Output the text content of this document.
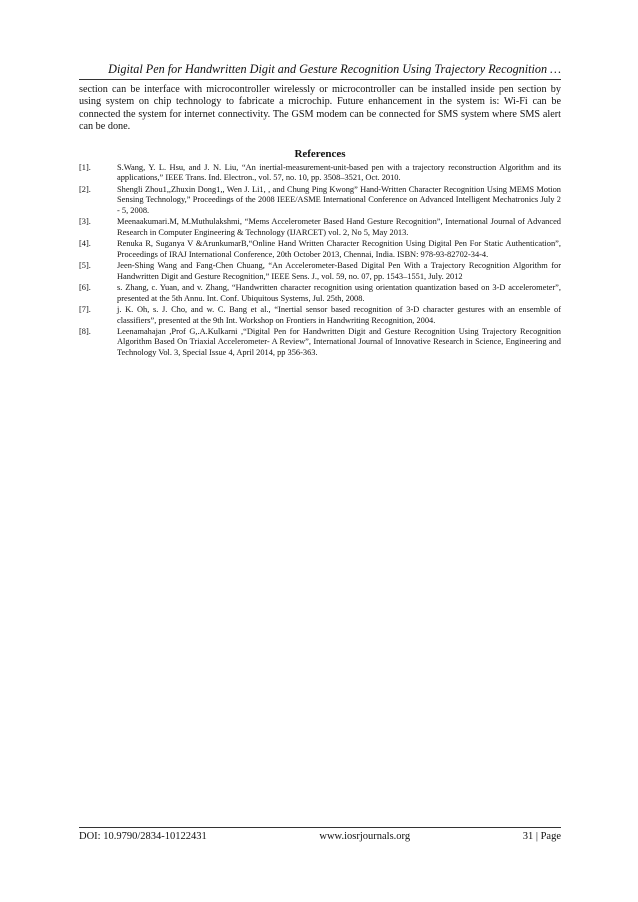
Digital Pen for Handwritten Digit and Gesture Recognition Using Trajectory Recognition …

section can be interface with microcontroller wirelessly or microcontroller can be installed inside pen section by using system on chip technology to fabricate a microchip. Future enhancement in the system is: Wi-Fi can be connected the system for internet connectivity. The GSM modem can be connected for SMS system where SMS alert can be done.

References
[1].	S.Wang, Y. L. Hsu, and J. N. Liu, “An inertial-measurement-unit-based pen with a trajectory reconstruction Algorithm and its applications,” IEEE Trans. Ind. Electron., vol. 57, no. 10, pp. 3508–3521, Oct. 2010.
[2].	Shengli Zhou1,,Zhuxin Dong1,, Wen J. Li1, , and Chung Ping Kwong” Hand-Written Character Recognition Using MEMS Motion Sensing Technology,” Proceedings of the 2008 IEEE/ASME International Conference on Advanced Intelligent Mechatronics July 2 - 5, 2008.
[3].	Meenaakumari.M, M.Muthulakshmi, “Mems Accelerometer Based Hand Gesture Recognition”, International Journal of Advanced Research in Computer Engineering & Technology (IJARCET) vol. 2, No 5, May 2013.
[4].	Renuka R, Suganya V &ArunkumarB,“Online Hand Written Character Recognition Using Digital Pen For Static Authentication”, Proceedings of IRAJ International Conference, 20th October 2013, Chennai, India. ISBN: 978-93-82702-34-4.
[5].	Jeen-Shing Wang and Fang-Chen Chuang, “An Accelerometer-Based Digital Pen With a Trajectory Recognition Algorithm for Handwritten Digit and Gesture Recognition,” IEEE Sens. J., vol. 59, no. 07, pp. 1543–1551, July. 2012
[6].	s. Zhang, c. Yuan, and v. Zhang, “Handwritten character recognition using orientation quantization based on 3-D accelerometer”, presented at the 5th Annu. Int. Conf. Ubiquitous Systems, Jul. 25th, 2008.
[7].	j. K. Oh, s. J. Cho, and w. C. Bang et al., “Inertial sensor based recognition of 3-D character gestures with an ensemble of classifiers”, presented at the 9th Int. Workshop on Frontiers in Handwriting Recognition, 2004.
[8].	Leenamahajan ,Prof G,.A.Kulkarni ,“Digital Pen for Handwritten Digit and Gesture Recognition Using Trajectory Recognition Algorithm Based On Triaxial Accelerometer- A Review”, International Journal of Innovative Research in Science, Engineering and Technology Vol. 3, Special Issue 4, April 2014, pp 356-363.
DOI: 10.9790/2834-10122431	www.iosrjournals.org	31 | Page
